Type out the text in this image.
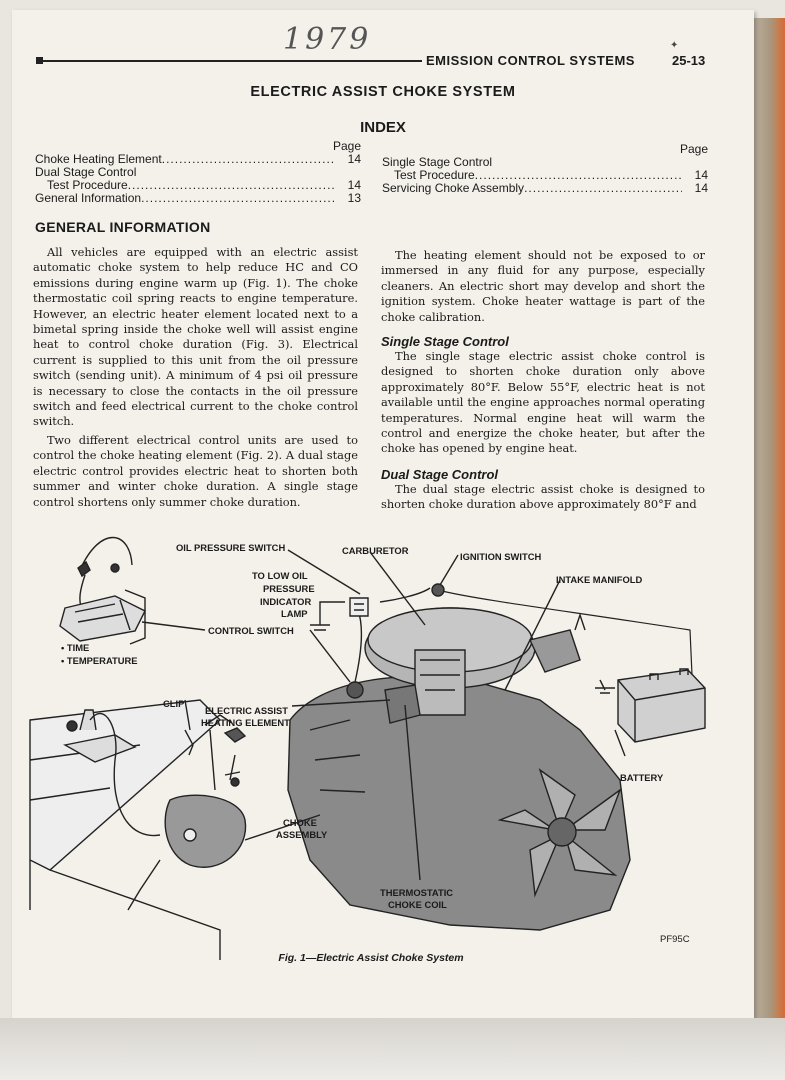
1979	✦
EMISSION CONTROL SYSTEMS	25-13
ELECTRIC ASSIST CHOKE SYSTEM
INDEX
Page
Choke Heating Element .....	14
Dual Stage Control
Test Procedure .....	14
General Information .....	13
Page
Single Stage Control
Test Procedure .....	14
Servicing Choke Assembly .....	14
GENERAL INFORMATION

All vehicles are equipped with an electric assist automatic choke system to help reduce HC and CO emissions during engine warm up (Fig. 1). The choke thermostatic coil spring reacts to engine temperature. However, an electric heater element located next to a bimetal spring inside the choke well will assist engine heat to control choke duration (Fig. 3). Electrical current is supplied to this unit from the oil pressure switch (sending unit). A minimum of 4 psi oil pressure is necessary to close the contacts in the oil pressure switch and feed electrical current to the choke control switch.

Two different electrical control units are used to control the choke heating element (Fig. 2). A dual stage electric control provides electric heat to shorten both summer and winter choke duration. A single stage control shortens only summer choke duration.

The heating element should not be exposed to or immersed in any fluid for any purpose, especially cleaners. An electric short may develop and short the ignition system. Choke heater wattage is part of the choke calibration.

Single Stage Control

The single stage electric assist choke control is designed to shorten choke duration only above approximately 80°F. Below 55°F, electric heat is not available until the engine approaches normal operating temperatures. Normal engine heat will warm the control and energize the choke heater, but after the choke has opened by engine heat.

Dual Stage Control

The dual stage electric assist choke is designed to shorten choke duration above approximately 80°F and

OIL PRESSURE SWITCH	CARBURETOR
IGNITION SWITCH
TO LOW OIL
PRESSURE
INDICATOR
LAMP
INTAKE MANIFOLD
CONTROL SWITCH
• TIME
• TEMPERATURE
CLIP
ELECTRIC ASSIST
HEATING ELEMENT
BATTERY
CHOKE
ASSEMBLY
THERMOSTATIC
CHOKE COIL
PF95C
Fig. 1—Electric Assist Choke System
